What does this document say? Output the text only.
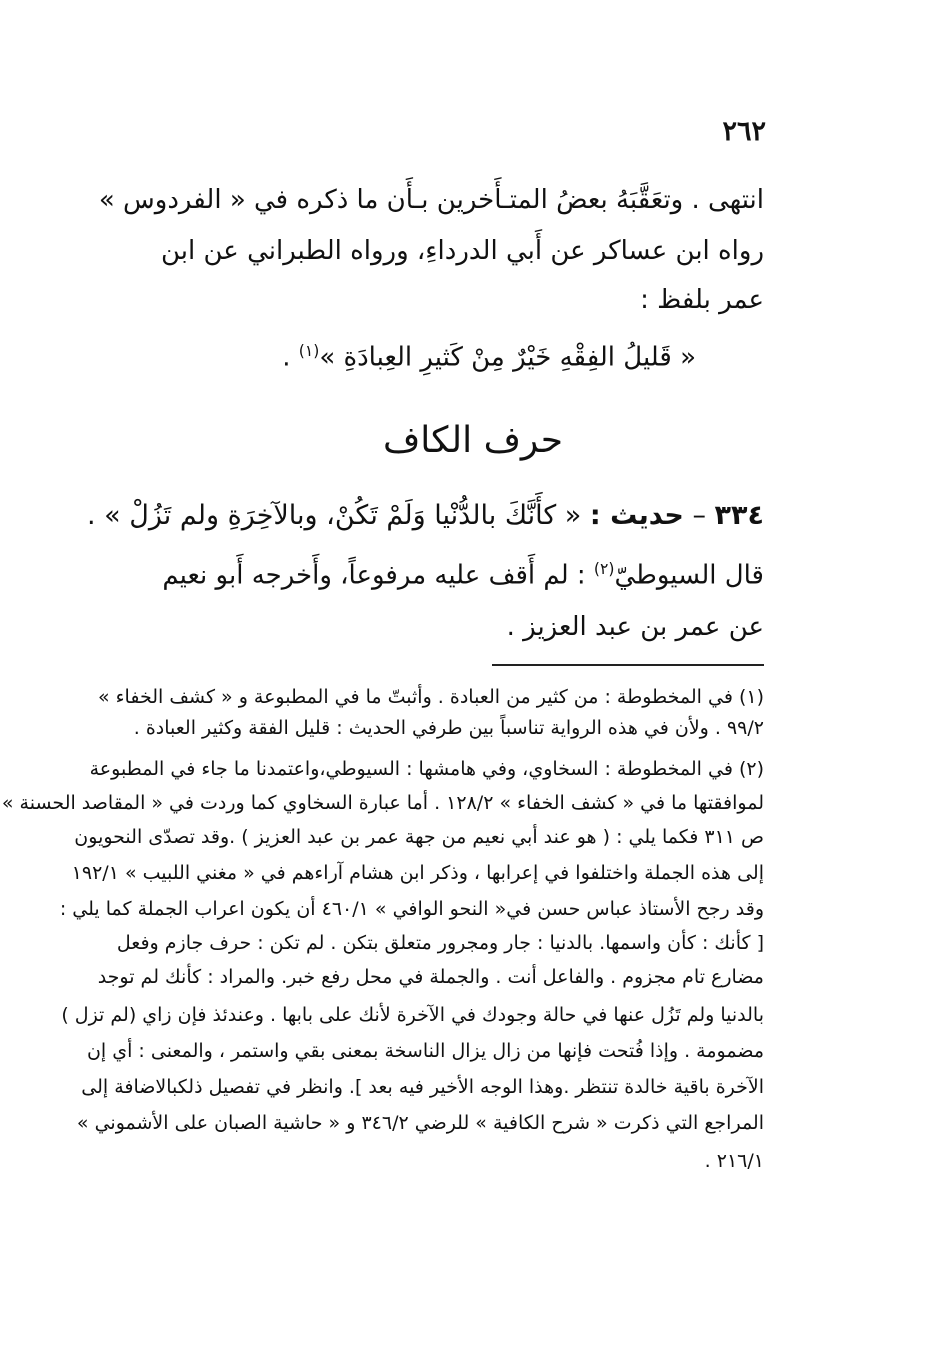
٢٦٢
انتهى . وتعَقَّبَهُ بعضُ المتـأَخرين بـأَن ما ذكره في « الفردوس »
رواه ابن عساكر عن أَبي الدرداءِ، ورواه الطبراني عن ابن
عمر بلفظ :
« قَليلُ الفِقْهِ خَيْرٌ مِنْ كَثيرِ العِبادَةِ »$^{(١)}$ .
حرف الكاف
٣٣٤ – حديث : « كأَنَّكَ بالدُّنْيا وَلَمْ تَكُنْ، وبالآخِرَةِ ولم تَزُلْ » .
قال السيوطيّ$^{(٢)}$ : لم أَقف عليه مرفوعاً، وأَخرجه أَبو نعيم
عن عمر بن عبد العزيز .
(١) في المخطوطة : من كثير من العبادة . وأثبتّ ما في المطبوعة و « كشف الخفاء »
٩٩/٢ . ولأن في هذه الرواية تناسباً بين طرفي الحديث : قليل الفقة وكثير العبادة .
(٢) في المخطوطة : السخاوي، وفي هامشها : السيوطي،واعتمدنا ما جاء في المطبوعة
لموافقتها ما في « كشف الخفاء » ١٢٨/٢ . أما عبارة السخاوي كما وردت في « المقاصد الحسنة »
ص ٣١١ فكما يلي : ( هو عند أبي نعيم من جهة عمر بن عبد العزيز ) .وقد تصدّى النحويون
إلى هذه الجملة واختلفوا في إعرابها ، وذكر ابن هشام آراءهم في « مغني اللبيب » ١٩٢/١
وقد رجح الأستاذ عباس حسن في« النحو الوافي » ٤٦٠/١ أن يكون اعراب الجملة كما يلي :
[ كأنك : كأن واسمها. بالدنيا : جار ومجرور متعلق بتكن . لم تكن : حرف جازم وفعل
مضارع تام مجزوم . والفاعل أنت . والجملة في محل رفع خبر. والمراد : كأنك لم توجد
بالدنيا ولم تَزُل عنها في حالة وجودك في الآخرة لأنك على بابها . وعندئذ فإن زاي (لم تزل )
مضمومة . وإذا فُتحت فإنها من زال يزال الناسخة بمعنى بقي واستمر ، والمعنى : أي إن
الآخرة باقية خالدة تنتظر .وهذا الوجه الأخير فيه بعد ]. وانظر في تفصيل ذلكبالاضافة إلى
المراجع التي ذكرت « شرح الكافية » للرضي ٣٤٦/٢ و « حاشية الصبان على الأشموني »
٢١٦/١ .
